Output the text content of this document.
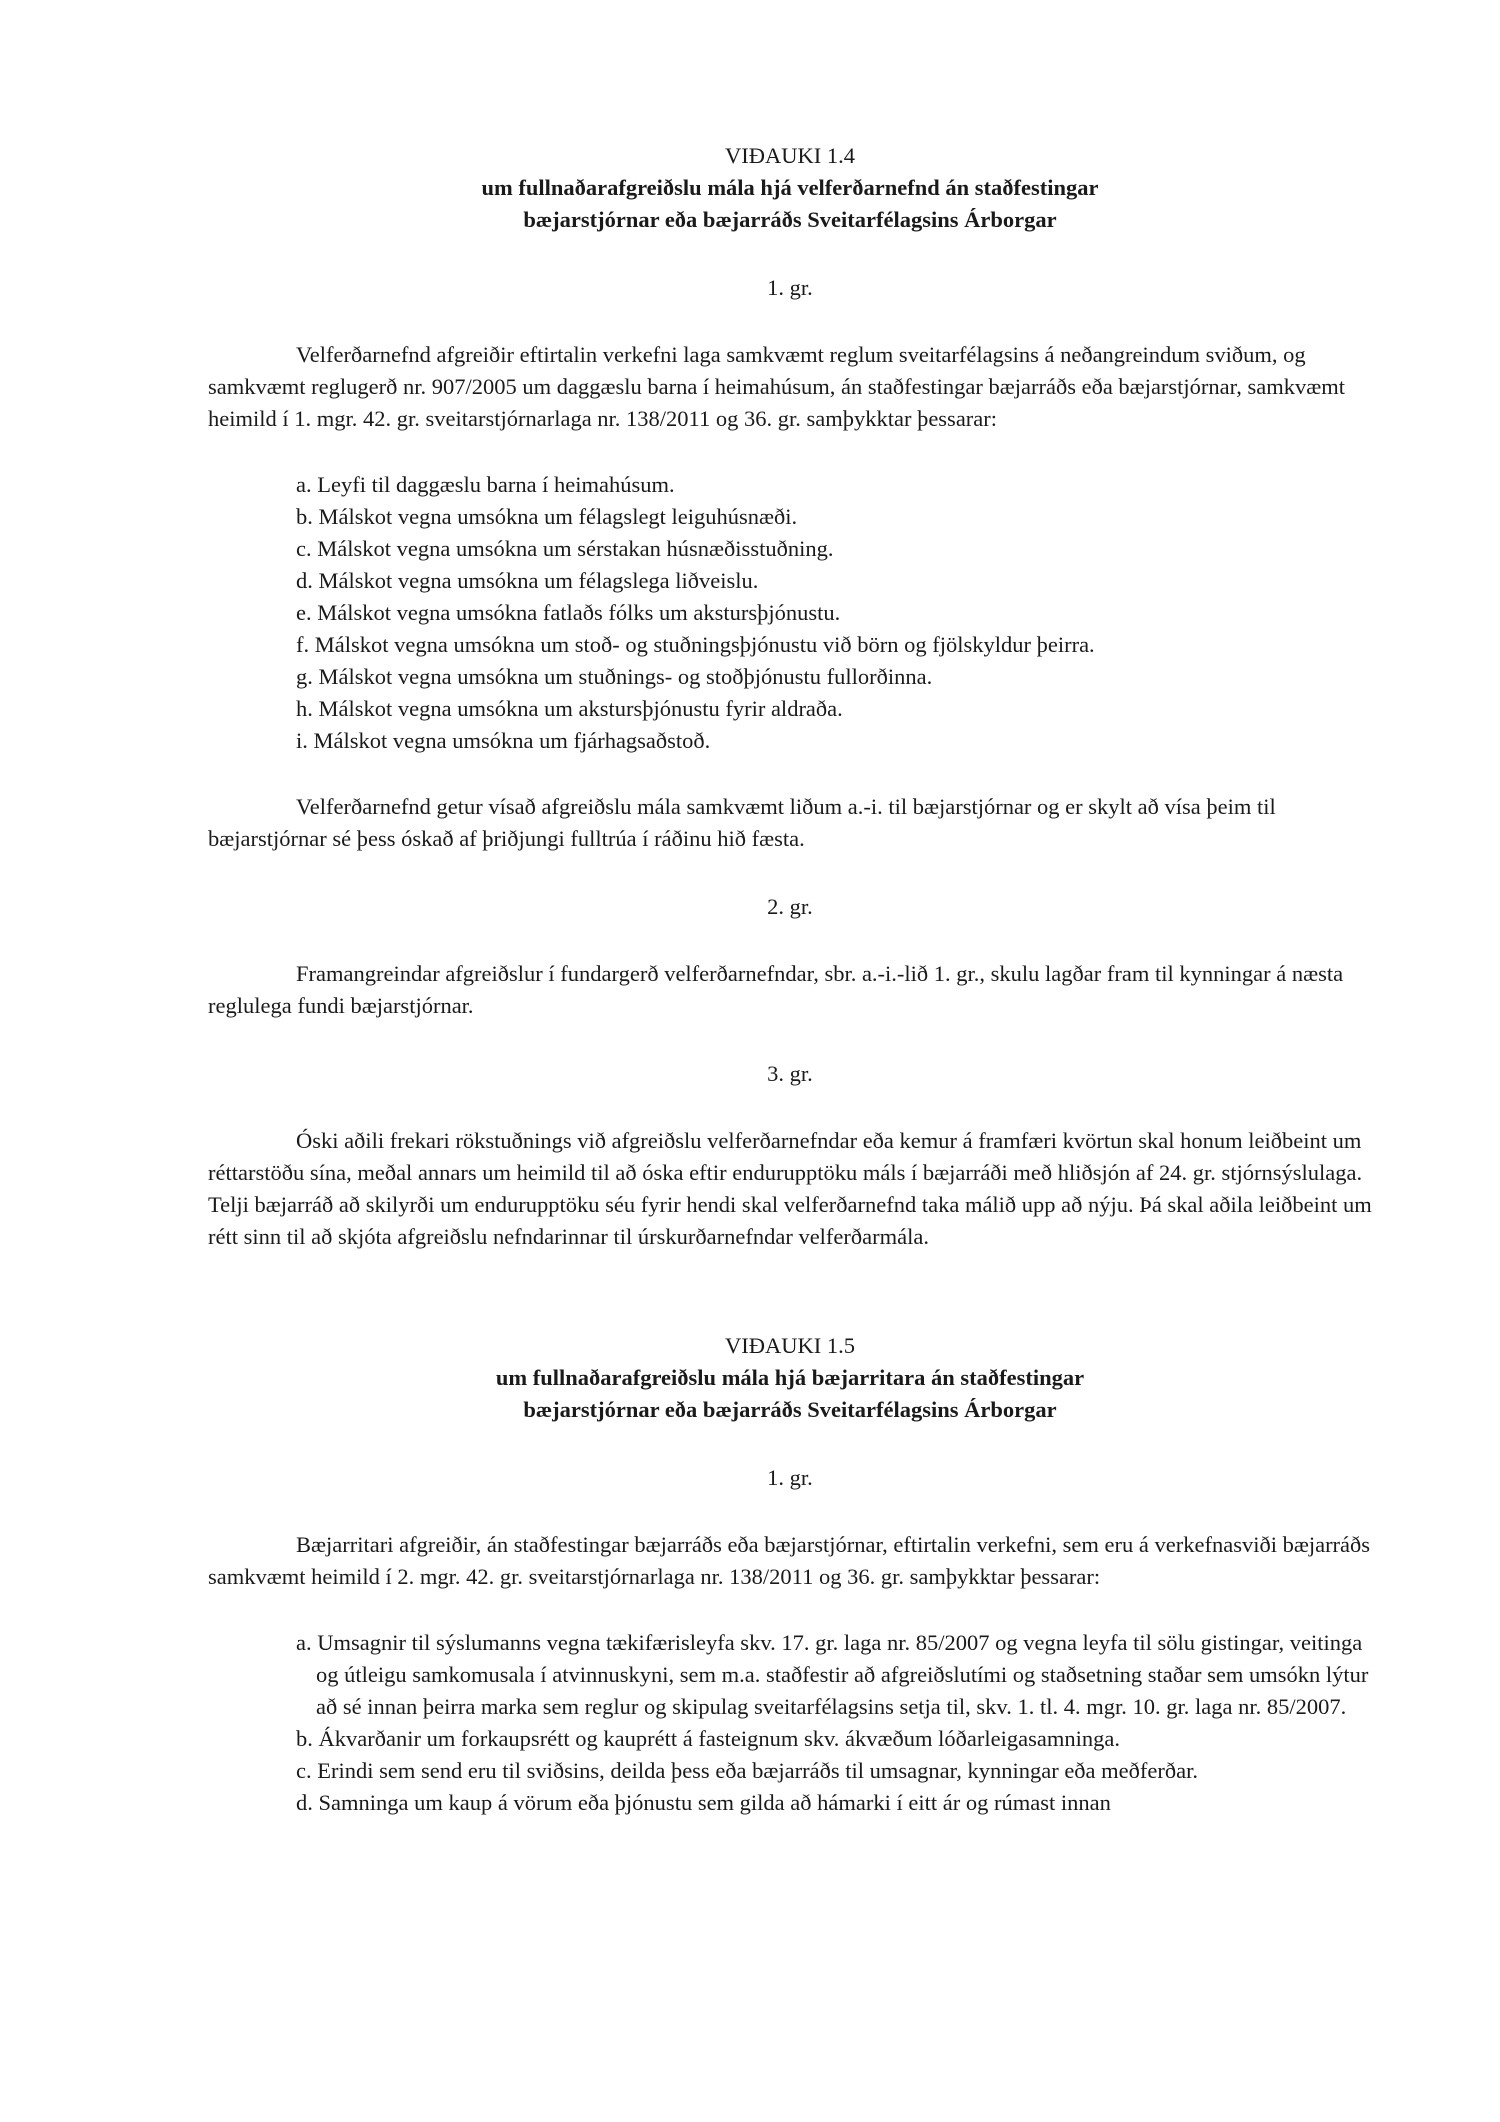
VIÐAUKI 1.4
um fullnaðarafgreiðslu mála hjá velferðarnefnd án staðfestingar
bæjarstjórnar eða bæjarráðs Sveitarfélagsins Árborgar
1. gr.

Velferðarnefnd afgreiðir eftirtalin verkefni laga samkvæmt reglum sveitarfélagsins á neðangreindum sviðum, og samkvæmt reglugerð nr. 907/2005 um daggæslu barna í heimahúsum, án staðfestingar bæjarráðs eða bæjarstjórnar, samkvæmt heimild í 1. mgr. 42. gr. sveitarstjórnarlaga nr. 138/2011 og 36. gr. samþykktar þessarar:

a. Leyfi til daggæslu barna í heimahúsum.
b. Málskot vegna umsókna um félagslegt leiguhúsnæði.
c. Málskot vegna umsókna um sérstakan húsnæðisstuðning.
d. Málskot vegna umsókna um félagslega liðveislu.
e. Málskot vegna umsókna fatlaðs fólks um akstursþjónustu.
f. Málskot vegna umsókna um stoð- og stuðningsþjónustu við börn og fjölskyldur þeirra.
g. Málskot vegna umsókna um stuðnings- og stoðþjónustu fullorðinna.
h. Málskot vegna umsókna um akstursþjónustu fyrir aldraða.
i. Málskot vegna umsókna um fjárhagsaðstoð.

Velferðarnefnd getur vísað afgreiðslu mála samkvæmt liðum a.-i. til bæjarstjórnar og er skylt að vísa þeim til bæjarstjórnar sé þess óskað af þriðjungi fulltrúa í ráðinu hið fæsta.

2. gr.

Framangreindar afgreiðslur í fundargerð velferðarnefndar, sbr. a.-i.-lið 1. gr., skulu lagðar fram til kynningar á næsta reglulega fundi bæjarstjórnar.

3. gr.

Óski aðili frekari rökstuðnings við afgreiðslu velferðarnefndar eða kemur á framfæri kvörtun skal honum leiðbeint um réttarstöðu sína, meðal annars um heimild til að óska eftir endurupptöku máls í bæjarráði með hliðsjón af 24. gr. stjórnsýslulaga. Telji bæjarráð að skilyrði um endurupptöku séu fyrir hendi skal velferðarnefnd taka málið upp að nýju. Þá skal aðila leiðbeint um rétt sinn til að skjóta afgreiðslu nefndarinnar til úrskurðarnefndar velferðarmála.

VIÐAUKI 1.5
um fullnaðarafgreiðslu mála hjá bæjarritara án staðfestingar
bæjarstjórnar eða bæjarráðs Sveitarfélagsins Árborgar
1. gr.

Bæjarritari afgreiðir, án staðfestingar bæjarráðs eða bæjarstjórnar, eftirtalin verkefni, sem eru á verkefnasviði bæjarráðs samkvæmt heimild í 2. mgr. 42. gr. sveitarstjórnarlaga nr. 138/2011 og 36. gr. samþykktar þessarar:

a. Umsagnir til sýslumanns vegna tækifærisleyfa skv. 17. gr. laga nr. 85/2007 og vegna leyfa til sölu gistingar, veitinga og útleigu samkomusala í atvinnuskyni, sem m.a. staðfestir að afgreiðslutími og staðsetning staðar sem umsókn lýtur að sé innan þeirra marka sem reglur og skipulag sveitarfélagsins setja til, skv. 1. tl. 4. mgr. 10. gr. laga nr. 85/2007.
b. Ákvarðanir um forkaupsrétt og kauprétt á fasteignum skv. ákvæðum lóðarleigasamninga.
c. Erindi sem send eru til sviðsins, deilda þess eða bæjarráðs til umsagnar, kynningar eða meðferðar.
d. Samninga um kaup á vörum eða þjónustu sem gilda að hámarki í eitt ár og rúmast innan
